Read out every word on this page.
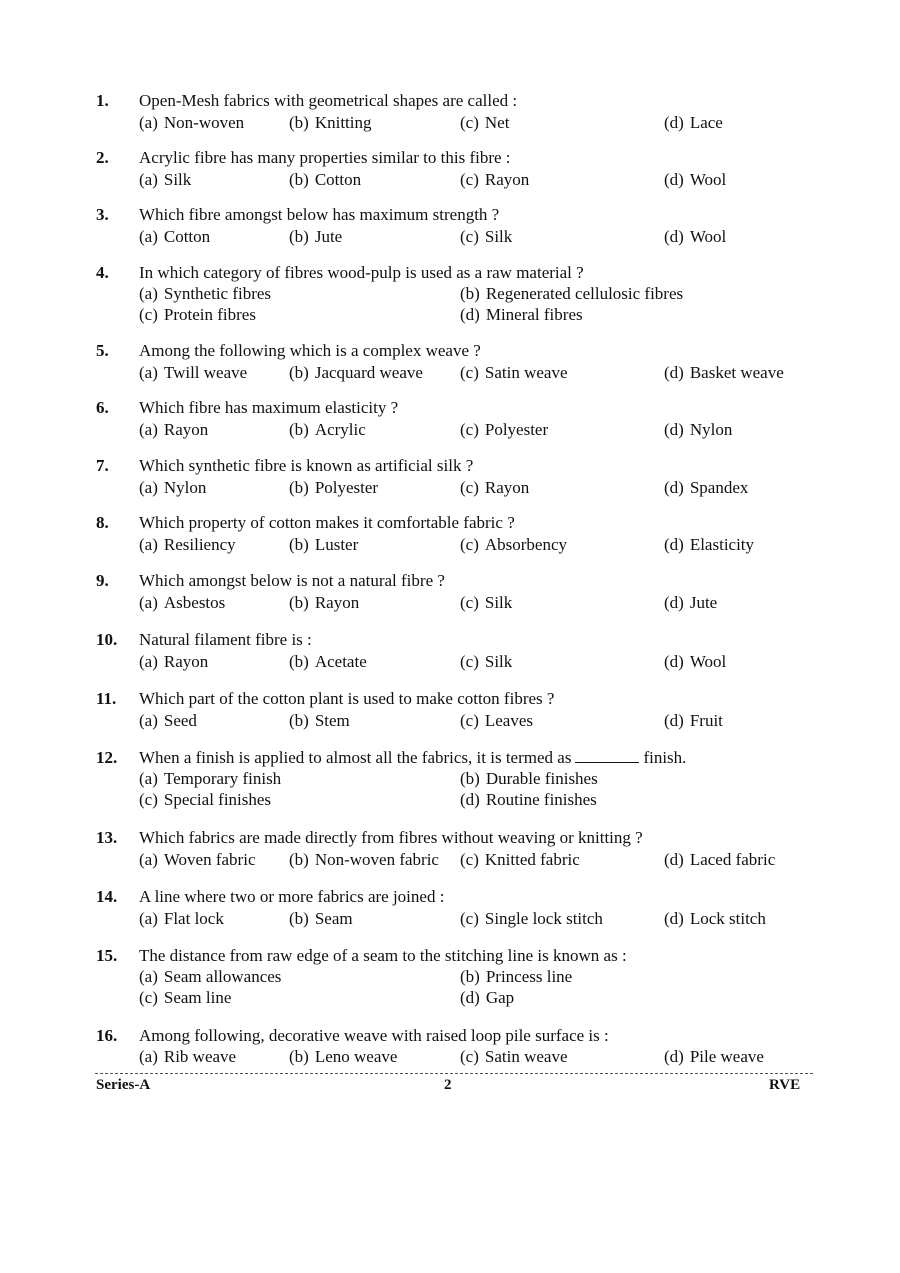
1. Open-Mesh fabrics with geometrical shapes are called :
(a) Non-woven	(b) Knitting	(c) Net	(d) Lace
2. Acrylic fibre has many properties similar to this fibre :
(a) Silk	(b) Cotton	(c) Rayon	(d) Wool
3. Which fibre amongst below has maximum strength ?
(a) Cotton	(b) Jute	(c) Silk	(d) Wool
4. In which category of fibres wood-pulp is used as a raw material ?
(a) Synthetic fibres	(b) Regenerated cellulosic fibres
(c) Protein fibres	(d) Mineral fibres
5. Among the following which is a complex weave ?
(a) Twill weave (b) Jacquard weave (c) Satin weave	(d) Basket weave
6. Which fibre has maximum elasticity ?
(a) Rayon	(b) Acrylic	(c) Polyester	(d) Nylon
7. Which synthetic fibre is known as artificial silk ?
(a) Nylon	(b) Polyester	(c) Rayon	(d) Spandex
8. Which property of cotton makes it comfortable fabric ?
(a) Resiliency	(b) Luster	(c) Absorbency	(d) Elasticity
9. Which amongst below is not a natural fibre ?
(a) Asbestos	(b) Rayon	(c) Silk	(d) Jute
10. Natural filament fibre is :
(a) Rayon	(b) Acetate	(c) Silk	(d) Wool
11. Which part of the cotton plant is used to make cotton fibres ?
(a) Seed	(b) Stem	(c) Leaves	(d) Fruit
12. When a finish is applied to almost all the fabrics, it is termed as	finish.
(a) Temporary finish	(b) Durable finishes
(c) Special finishes	(d) Routine finishes
13. Which fabrics are made directly from fibres without weaving or knitting ?
(a) Woven fabric (b) Non-woven fabric (c) Knitted fabric	(d) Laced fabric
14. A line where two or more fabrics are joined :
(a) Flat lock	(b) Seam	(c) Single lock stitch	(d) Lock stitch
15. The distance from raw edge of a seam to the stitching line is known as :
(a) Seam allowances	(b) Princess line
(c) Seam line	(d) Gap
16. Among following, decorative weave with raised loop pile surface is :
(a) Rib weave	(b) Leno weave	(c) Satin weave	(d) Pile weave
Series-A	2	RVE
